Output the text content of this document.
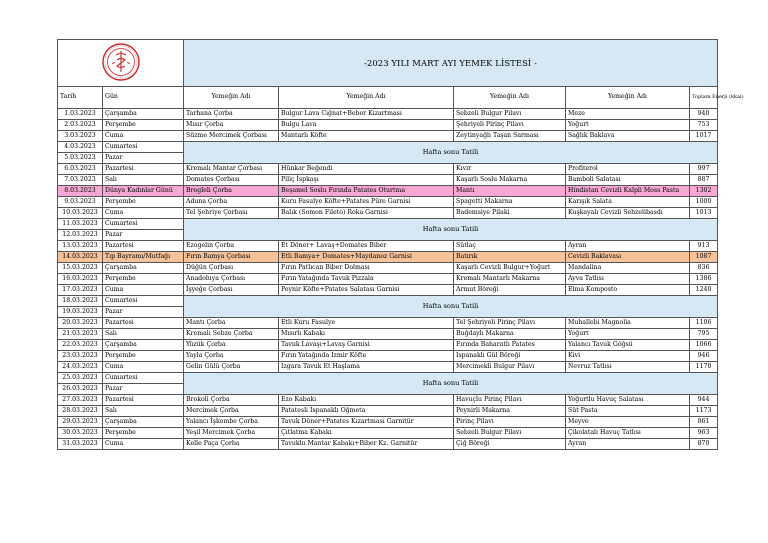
	-2023 YILI MART AYI YEMEK LİSTESİ -				
Tarih	Gün	Yemeğin Adı	Yemeğin Adı	Yemeğin Adı	Yemeğin Adı	Toplam Enerji (kkal)
1.03.2023	Çarşamba	Tarhana Çorba	Bulgur Lava Cığnat+Beber Kızartması	Sebzeli Bulgur Pilavı	Meze	940
2.03.2023	Perşembe	Mısır Çorba	Bulgu Lava	Şehriyeli Pirinç Pilavı	Yoğurt	753
3.03.2023	Cuma	Süzme Mercimek Çorbası	Mantarlı Köfte	Zeytinyağlı Taşan Sarması	Sağlık Baklava	1017
4.03.2023	Cumartesi	Hafta sonu Tatili				
5.03.2023	Pazar					
6.03.2023	Pazartesi	Kremalı Mantar Çorbası	Hünkar Beğendi	Kıvır	Profiterol	997
7.03.2023	Salı	Domates Çorbası	Piliç İspkaşı	Kaşarlı Soslu Makarna	Bamboli Salatası	887
8.03.2023	Dünya Kadınlar Günü	Brogleli Çorba	Beşamel Soslu Fırında Patates Oturtma	Mantı	Hindistan Cevizli Kalpli Moss Pasta	1302
9.03.2023	Perşembe	Aduna Çorba	Kuru Fasulye Köfte+Patates Püre Garnisi	Spagetti Makarna	Karışık Salata	1000
10.03.2023	Cuma	Tel Şehriye Çorbası	Balık (Somon Fileto) Roka Garnisi	Bademsiye Pilaki	Kuşkayalı Cevizli Sebzelibasdı	1013
11.03.2023	Cumartesi	Hafta sonu Tatili				
12.03.2023	Pazar					
13.03.2023	Pazartesi	Ezogelin Çorba	Et Döner+ Lavaş+Domates Biber	Sütlaç	Ayran	913
14.03.2023	Tıp Bayramı/Mutfağı	Fırın Bamya Çorbası	Etli Bamya+ Domates+Maydanoz Garnisi	Batırık	Cevizli Baklavası	1087
15.03.2023	Çarşamba	Düğün Çorbası	Fırın Patlıcan Biber Dolması	Kaşarlı Cevizli Bulgur+Yoğurt	Mandalina	836
16.03.2023	Perşembe	Anadoluya Çorbası	Fırın Yatağında Tavuk Pizzala	Kremalı Mantarlı Makarna	Ayva Tatlısı	1386
17.03.2023	Cuma	İşyeğe Çorbası	Peynir Köfte+Patates Salatası Garnisi	Armut Böreği	Elma Komposto	1240
18.03.2023	Cumartesi	Hafta sonu Tatili				
19.03.2023	Pazar					
20.03.2023	Pazartesi	Mantı Çorba	Etli Kuru Fasulye	Tel Şehriyeli Pirinç Pilavı	Muhallebi Magnolia	1106
21.03.2023	Salı	Kremalı Sebze Çorba	Mısırlı Kabakı	Buğdaylı Makarna	Yoğurt	795
22.03.2023	Çarşamba	Yüzük Çorba	Tavuk Lavaşı+Lavaş Garnisi	Fırında Baharatlı Patates	Yalancı Tavuk Göğsü	1066
23.03.2023	Perşembe	Yayla Çorba	Fırın Yatağında Izmir Köfte	Ispanaklı Gül Böreği	Kivi	946
24.03.2023	Cuma	Gelin Gülü Çorba	Izgara Tavuk Et Haşlama	Mercimekli Bulgur Pilavı	Nevruz Tatlısı	1170
25.03.2023	Cumartesi	Hafta sonu Tatili				
26.03.2023	Pazar					
27.03.2023	Pazartesi	Brokoli Çorba	Ezo Kabakı	Havuçlu Pirinç Pilavı	Yoğurtlu Havuç Salatası	944
28.03.2023	Salı	Mercimek Çorba	Patatesli Ispanaklı Oğmeta	Peynirli Makarna	Süt Pasta	1173
29.03.2023	Çarşamba	Yalancı İşkembe Çorba	Tavuk Döner+Patates Kızartması Garnitür	Pirinç Pilavı	Meyve	861
30.03.2023	Perşembe	Yeşil Mercimek Çorba	Çıtlatma Kabakı	Sebzeli Bulgur Pilavı	Çikolatalı Havuç Tatlısı	963
31.03.2023	Cuma	Kelle Paça Çorba	Tavuklu Mantar Kabakı+Biber Kz. Garnitür	Çiğ Böreği	Ayran	870
